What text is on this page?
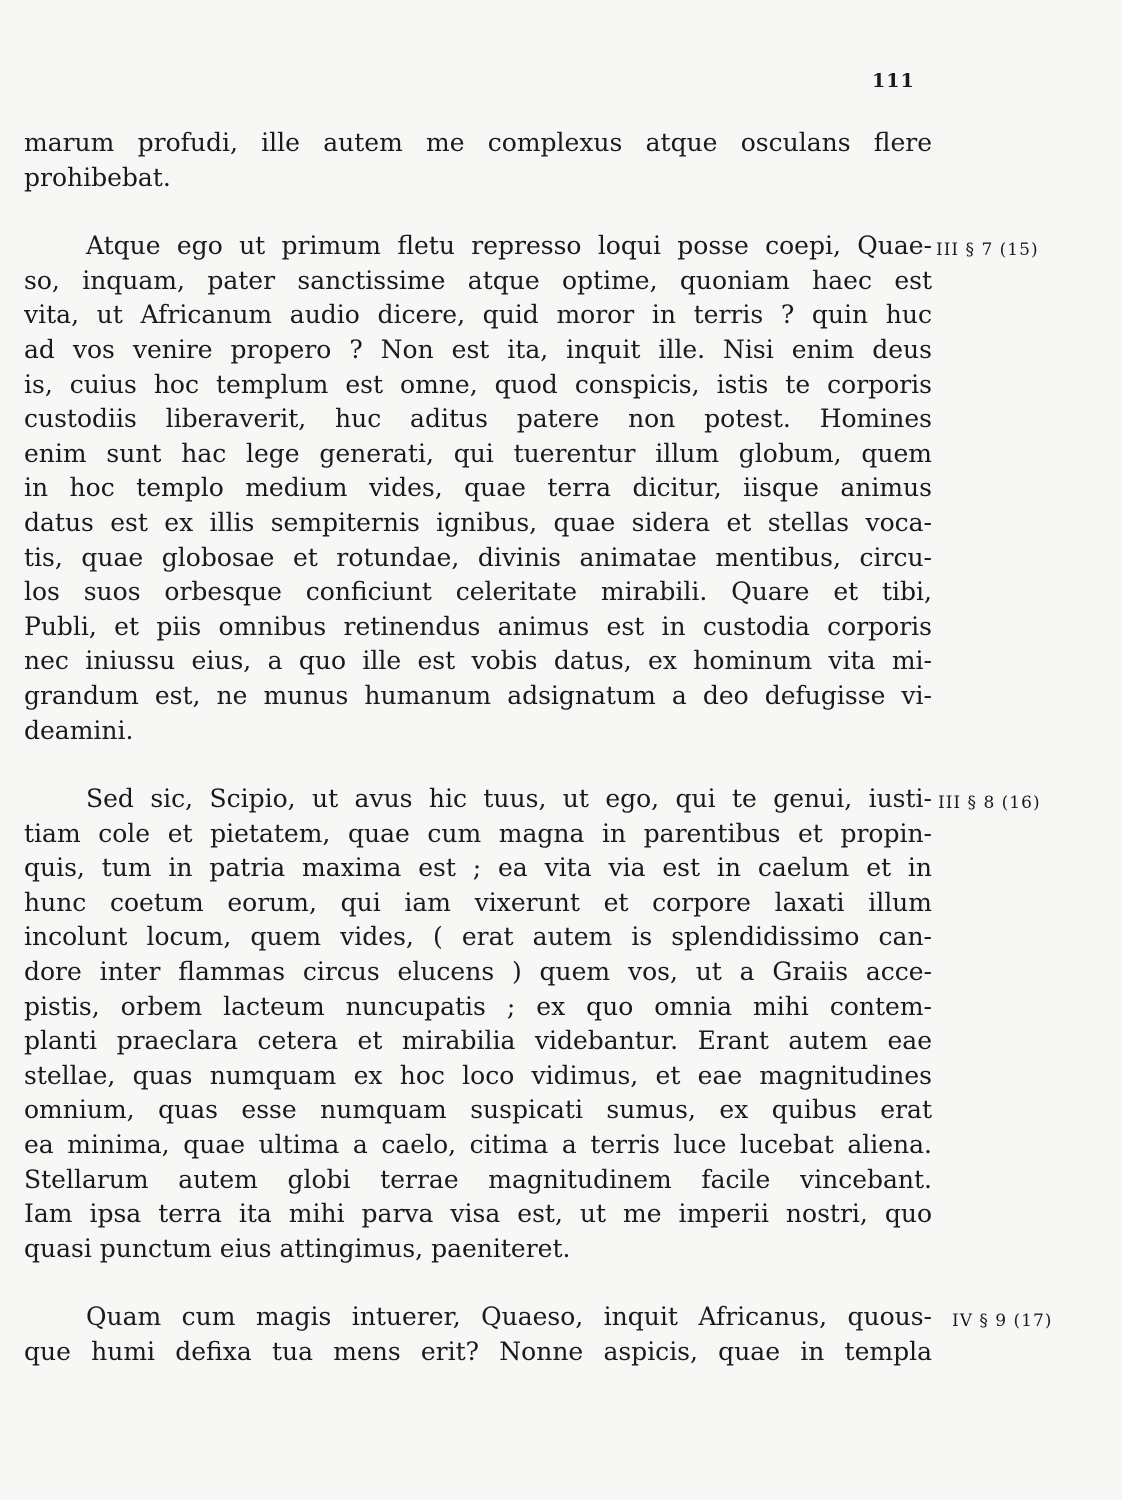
111
marum profudi, ille autem me complexus atque osculans flere
prohibebat.
III § 7 (15)
Atque ego ut primum fletu represso loqui posse coepi, Quae-
so, inquam, pater sanctissime atque optime, quoniam haec est
vita, ut Africanum audio dicere, quid moror in terris ? quin huc
ad vos venire propero ? Non est ita, inquit ille. Nisi enim deus
is, cuius hoc templum est omne, quod conspicis, istis te corporis
custodiis liberaverit, huc aditus patere non potest. Homines
enim sunt hac lege generati, qui tuerentur illum globum, quem
in hoc templo medium vides, quae terra dicitur, iisque animus
datus est ex illis sempiternis ignibus, quae sidera et stellas voca-
tis, quae globosae et rotundae, divinis animatae mentibus, circu-
los suos orbesque conficiunt celeritate mirabili. Quare et tibi,
Publi, et piis omnibus retinendus animus est in custodia corporis
nec iniussu eius, a quo ille est vobis datus, ex hominum vita mi-
grandum est, ne munus humanum adsignatum a deo defugisse vi-
deamini.
III § 8 (16)
Sed sic, Scipio, ut avus hic tuus, ut ego, qui te genui, iusti-
tiam cole et pietatem, quae cum magna in parentibus et propin-
quis, tum in patria maxima est ; ea vita via est in caelum et in
hunc coetum eorum, qui iam vixerunt et corpore laxati illum
incolunt locum, quem vides, ( erat autem is splendidissimo can-
dore inter flammas circus elucens ) quem vos, ut a Graiis acce-
pistis, orbem lacteum nuncupatis ; ex quo omnia mihi contem-
planti praeclara cetera et mirabilia videbantur. Erant autem eae
stellae, quas numquam ex hoc loco vidimus, et eae magnitudines
omnium, quas esse numquam suspicati sumus, ex quibus erat
ea minima, quae ultima a caelo, citima a terris luce lucebat aliena.
Stellarum autem globi terrae magnitudinem facile vincebant.
Iam ipsa terra ita mihi parva visa est, ut me imperii nostri, quo
quasi punctum eius attingimus, paeniteret.
IV § 9 (17)
Quam cum magis intuerer, Quaeso, inquit Africanus, quous-
que humi defixa tua mens erit? Nonne aspicis, quae in templa
